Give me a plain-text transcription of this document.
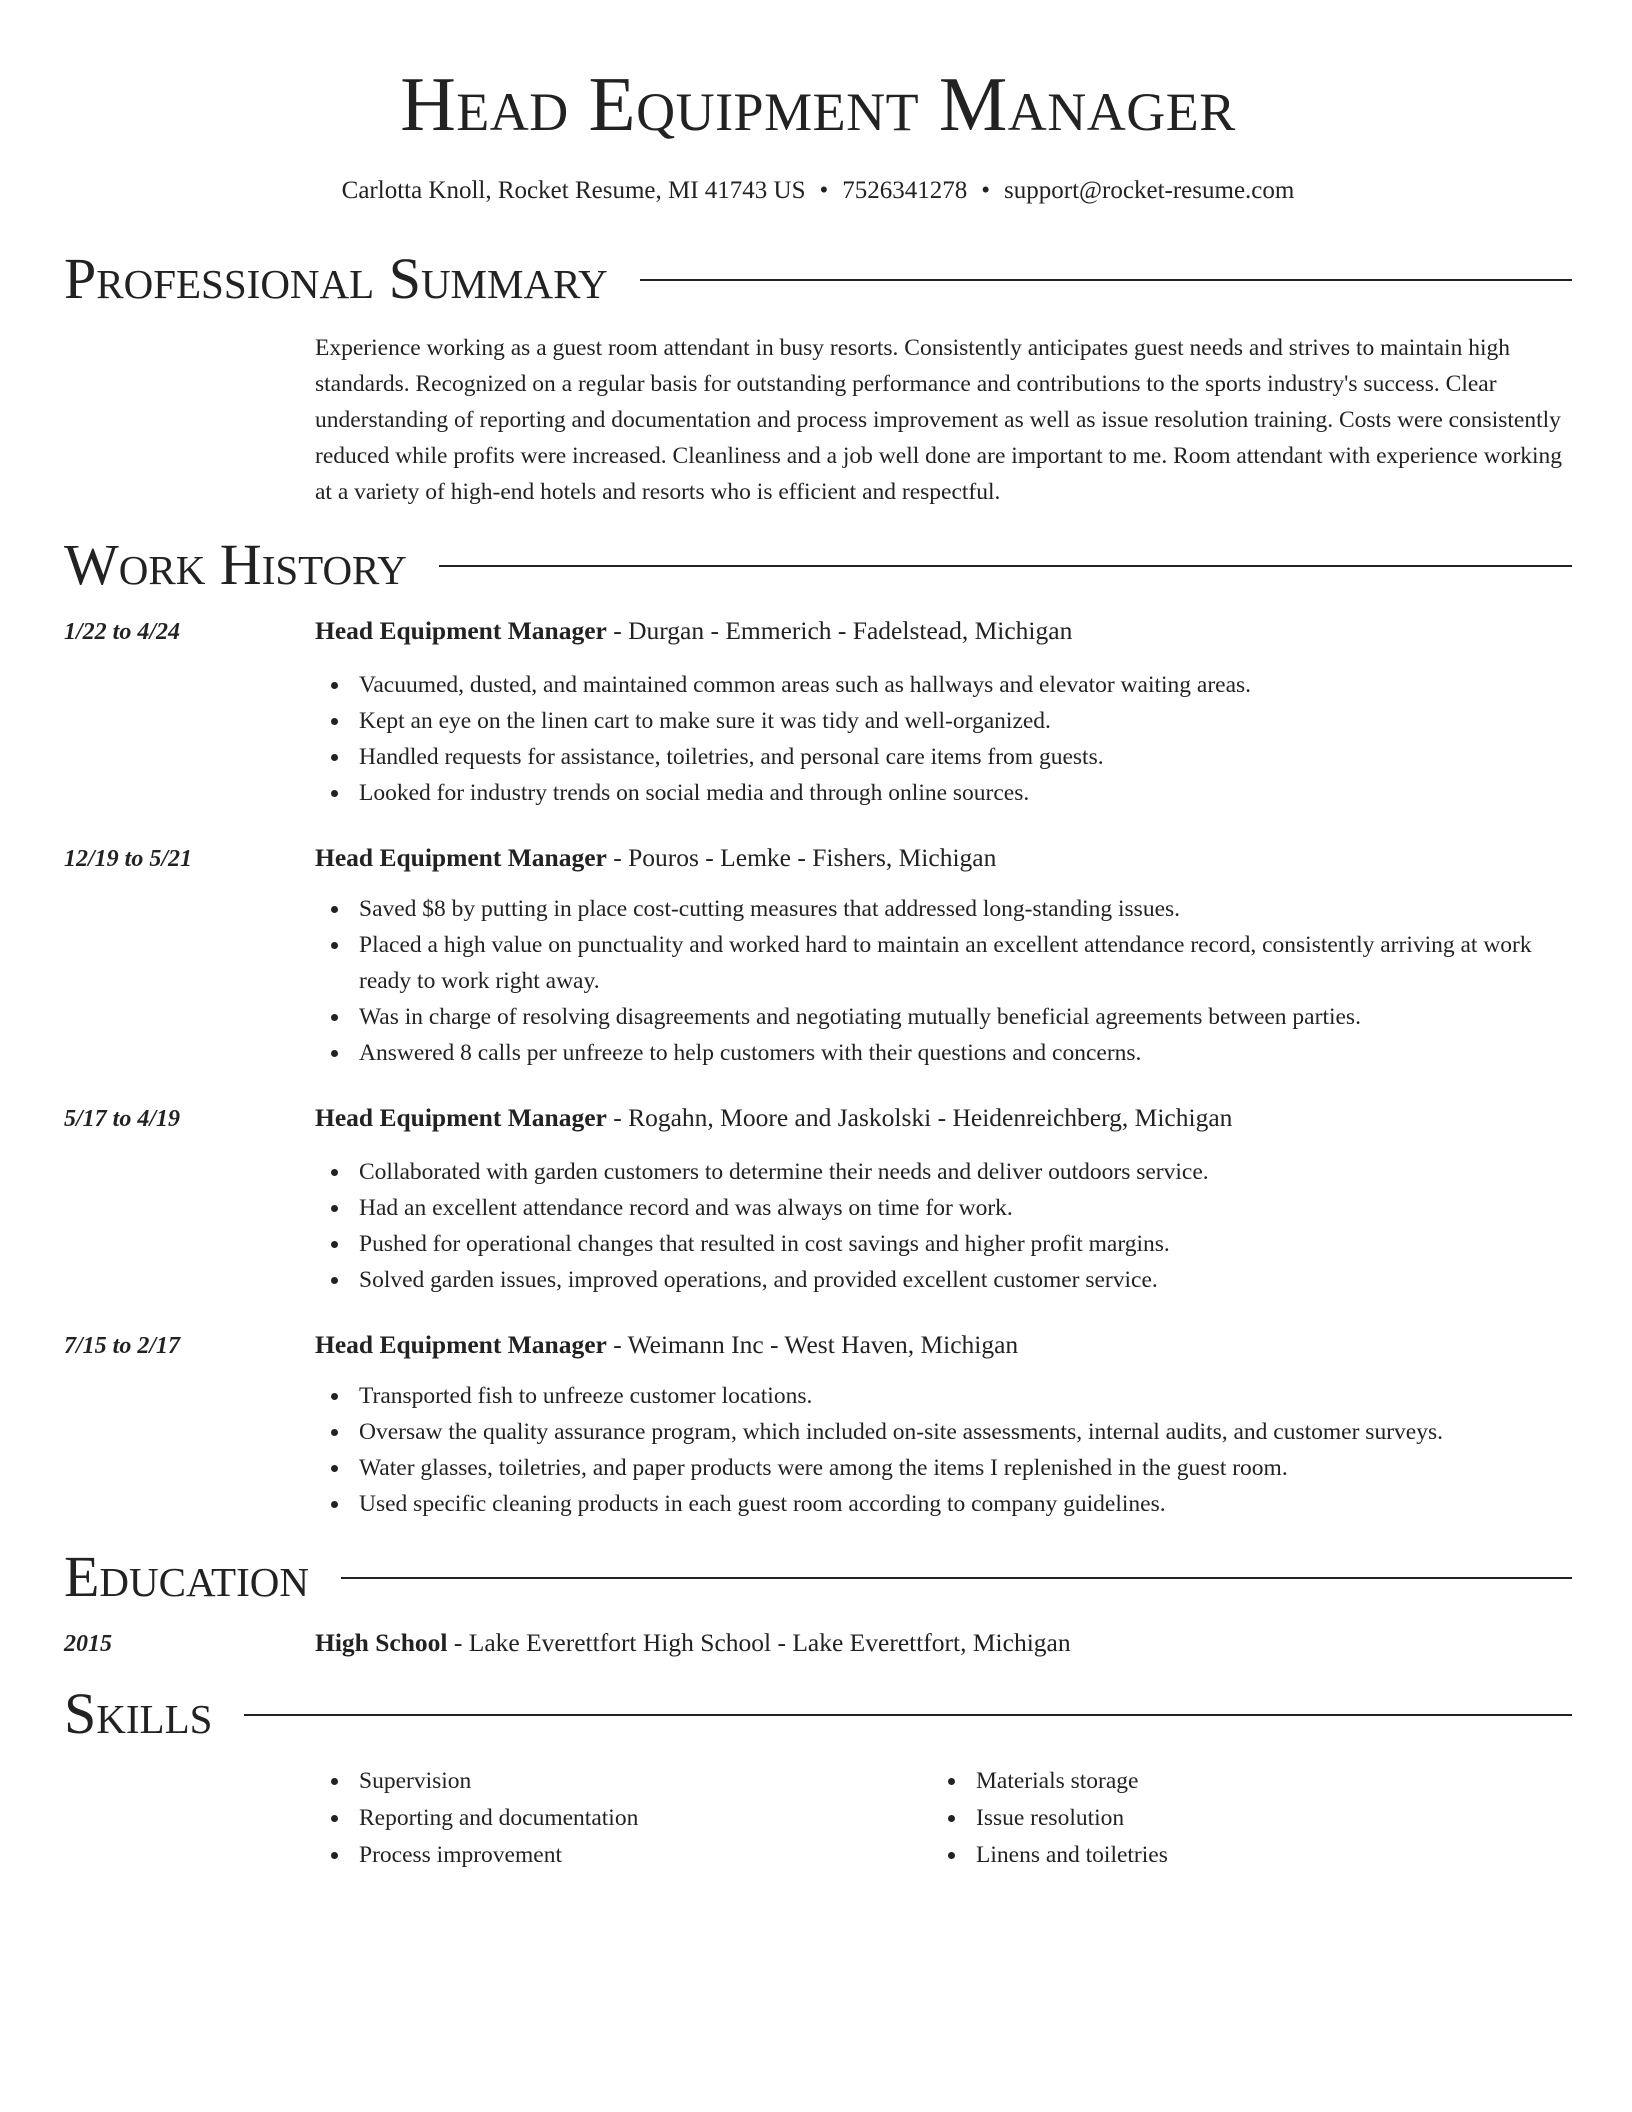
Head Equipment Manager
Carlotta Knoll, Rocket Resume, MI 41743 US • 7526341278 • support@rocket-resume.com
Professional Summary

Experience working as a guest room attendant in busy resorts. Consistently anticipates guest needs and strives to maintain high standards. Recognized on a regular basis for outstanding performance and contributions to the sports industry's success. Clear understanding of reporting and documentation and process improvement as well as issue resolution training. Costs were consistently reduced while profits were increased. Cleanliness and a job well done are important to me. Room attendant with experience working at a variety of high-end hotels and resorts who is efficient and respectful.

Work History
1/22 to 4/24	Head Equipment Manager - Durgan - Emmerich - Fadelstead, Michigan
Vacuumed, dusted, and maintained common areas such as hallways and elevator waiting areas.
Kept an eye on the linen cart to make sure it was tidy and well-organized.
Handled requests for assistance, toiletries, and personal care items from guests.
Looked for industry trends on social media and through online sources.
12/19 to 5/21	Head Equipment Manager - Pouros - Lemke - Fishers, Michigan
Saved $8 by putting in place cost-cutting measures that addressed long-standing issues.
Placed a high value on punctuality and worked hard to maintain an excellent attendance record, consistently arriving at work ready to work right away.
Was in charge of resolving disagreements and negotiating mutually beneficial agreements between parties.
Answered 8 calls per unfreeze to help customers with their questions and concerns.
5/17 to 4/19	Head Equipment Manager - Rogahn, Moore and Jaskolski - Heidenreichberg, Michigan
Collaborated with garden customers to determine their needs and deliver outdoors service.
Had an excellent attendance record and was always on time for work.
Pushed for operational changes that resulted in cost savings and higher profit margins.
Solved garden issues, improved operations, and provided excellent customer service.
7/15 to 2/17	Head Equipment Manager - Weimann Inc - West Haven, Michigan
Transported fish to unfreeze customer locations.
Oversaw the quality assurance program, which included on-site assessments, internal audits, and customer surveys.
Water glasses, toiletries, and paper products were among the items I replenished in the guest room.
Used specific cleaning products in each guest room according to company guidelines.
Education
2015	High School - Lake Everettfort High School - Lake Everettfort, Michigan
Skills
Supervision
Reporting and documentation
Process improvement
Materials storage
Issue resolution
Linens and toiletries
